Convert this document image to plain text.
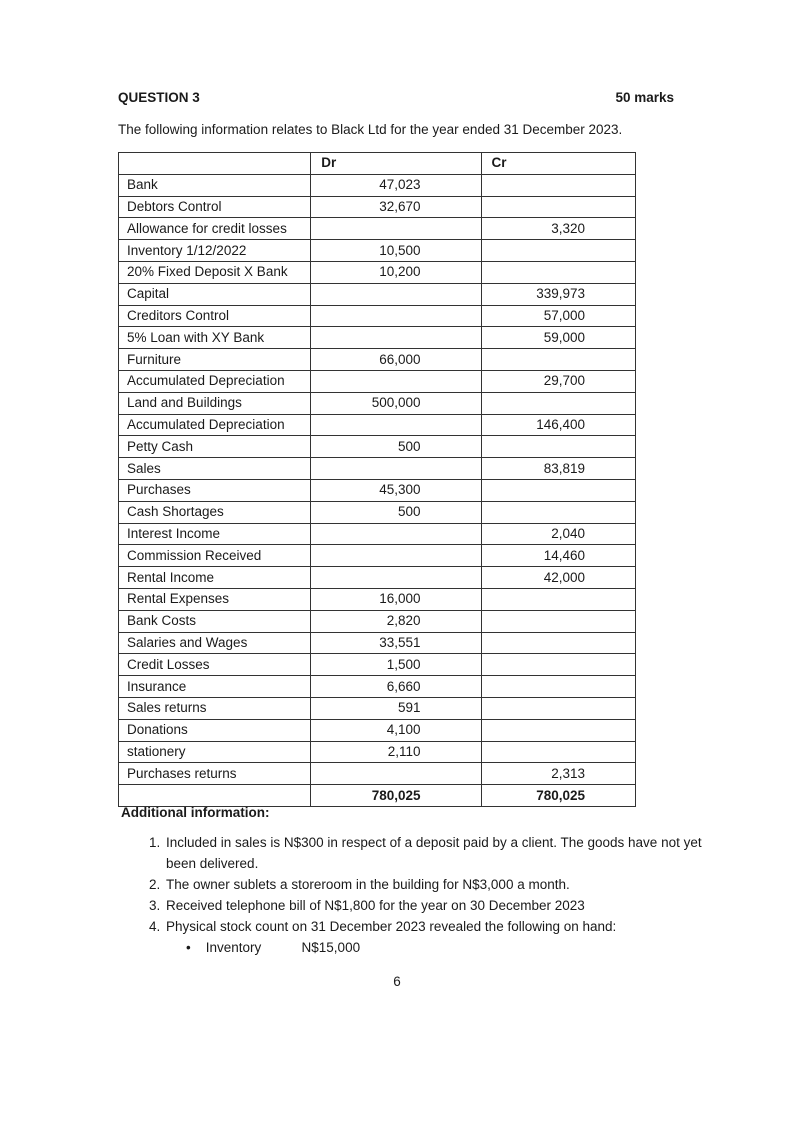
QUESTION 3	50 marks
The following information relates to Black Ltd for the year ended 31 December 2023.
	Dr	Cr
Bank	47,023	
Debtors Control	32,670	
Allowance for credit losses		3,320
Inventory 1/12/2022	10,500	
20% Fixed Deposit X Bank	10,200	
Capital		339,973
Creditors Control		57,000
5% Loan with XY Bank		59,000
Furniture	66,000	
Accumulated Depreciation		29,700
Land and Buildings	500,000	
Accumulated Depreciation		146,400
Petty Cash	500	
Sales		83,819
Purchases	45,300	
Cash Shortages	500	
Interest Income		2,040
Commission Received		14,460
Rental Income		42,000
Rental Expenses	16,000	
Bank Costs	2,820	
Salaries and Wages	33,551	
Credit Losses	1,500	
Insurance	6,660	
Sales returns	591	
Donations	4,100	
stationery	2,110	
Purchases returns		2,313
	780,025	780,025
Additional information:
1. Included in sales is N$300 in respect of a deposit paid by a client. The goods have not yet been delivered.
2. The owner sublets a storeroom in the building for N$3,000 a month.
3. Received telephone bill of N$1,800 for the year on 30 December 2023
4. Physical stock count on 31 December 2023 revealed the following on hand:
• Inventory	N$15,000
6
